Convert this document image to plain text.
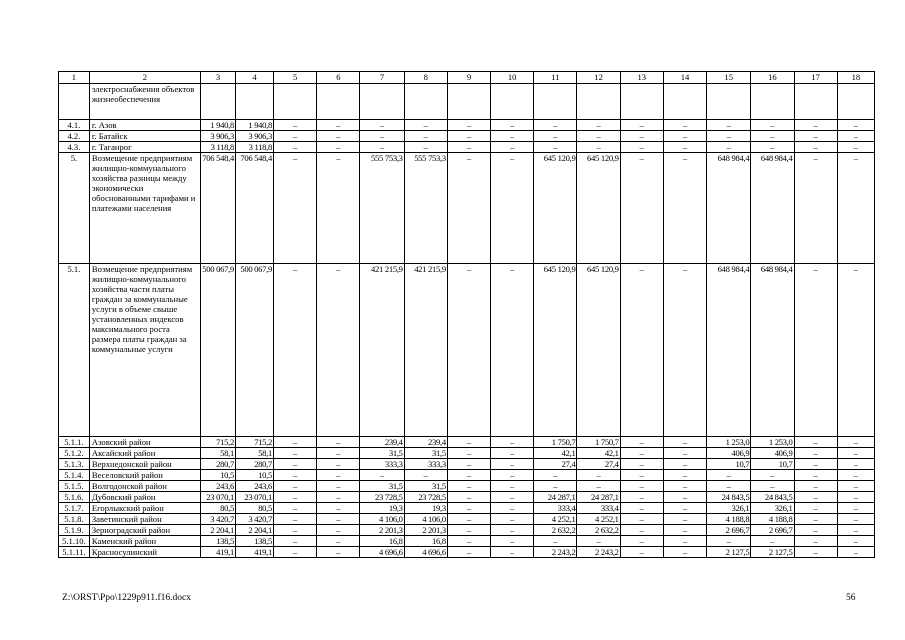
1	2	3	4	5	6	7	8	9	10	11	12	13	14	15	16	17	18
	электроснабжения объектов жизнеобеспечения																
4.1.	г. Азов	1 940,8	1 940,8	–	–	–	–	–	–	–	–	–	–	–	–	–	–
4.2.	г. Батайск	3 906,3	3 906,3	–	–	–	–	–	–	–	–	–	–	–	–	–	–
4.3.	г. Таганрог	3 118,8	3 118,8	–	–	–	–	–	–	–	–	–	–	–	–	–	–
5.	Возмещение предприятиям жилищно-коммунального хозяйства разницы между экономически обоснованными тарифами и платежами населения	706 548,4	706 548,4	–	–	555 753,3	555 753,3	–	–	645 120,9	645 120,9	–	–	648 984,4	648 984,4	–	–
5.1.	Возмещение предприятиям жилищно-коммунального хозяйства части платы граждан за коммунальные услуги в объеме свыше установленных индексов максимального роста размера платы граждан за коммунальные услуги	500 067,9	500 067,9	–	–	421 215,9	421 215,9	–	–	645 120,9	645 120,9	–	–	648 984,4	648 984,4	–	–
5.1.1.	Азовский район	715,2	715,2	–	–	239,4	239,4	–	–	1 750,7	1 750,7	–	–	1 253,0	1 253,0	–	–
5.1.2.	Аксайский район	58,1	58,1	–	–	31,5	31,5	–	–	42,1	42,1	–	–	406,9	406,9	–	–
5.1.3.	Верхнедонской район	280,7	280,7	–	–	333,3	333,3	–	–	27,4	27,4	–	–	10,7	10,7	–	–
5.1.4.	Веселовский район	10,5	10,5	–	–	–	–	–	–	–	–	–	–	–	–	–	–
5.1.5.	Волгодонской район	243,6	243,6	–	–	31,5	31,5	–	–	–	–	–	–	–	–	–	–
5.1.6.	Дубовский район	23 070,1	23 070,1	–	–	23 728,5	23 728,5	–	–	24 287,1	24 287,1	–	–	24 843,5	24 843,5	–	–
5.1.7.	Егорлыкский район	80,5	80,5	–	–	19,3	19,3	–	–	333,4	333,4	–	–	326,1	326,1	–	–
5.1.8.	Заветинский район	3 420,7	3 420,7	–	–	4 106,0	4 106,0	–	–	4 252,1	4 252,1	–	–	4 188,8	4 188,8	–	–
5.1.9.	Зерноградский район	2 204,1	2 204,1	–	–	2 201,3	2 201,3	–	–	2 632,2	2 632,2	–	–	2 696,7	2 696,7	–	–
5.1.10.	Каменский район	138,5	138,5	–	–	16,8	16,8	–	–	–	–	–	–	–	–	–	–
5.1.11.	Красносулинский	419,1	419,1	–	–	4 696,6	4 696,6	–	–	2 243,2	2 243,2	–	–	2 127,5	2 127,5	–	–
Z:\ORST\Ppo\1229p911.f16.docx	56
